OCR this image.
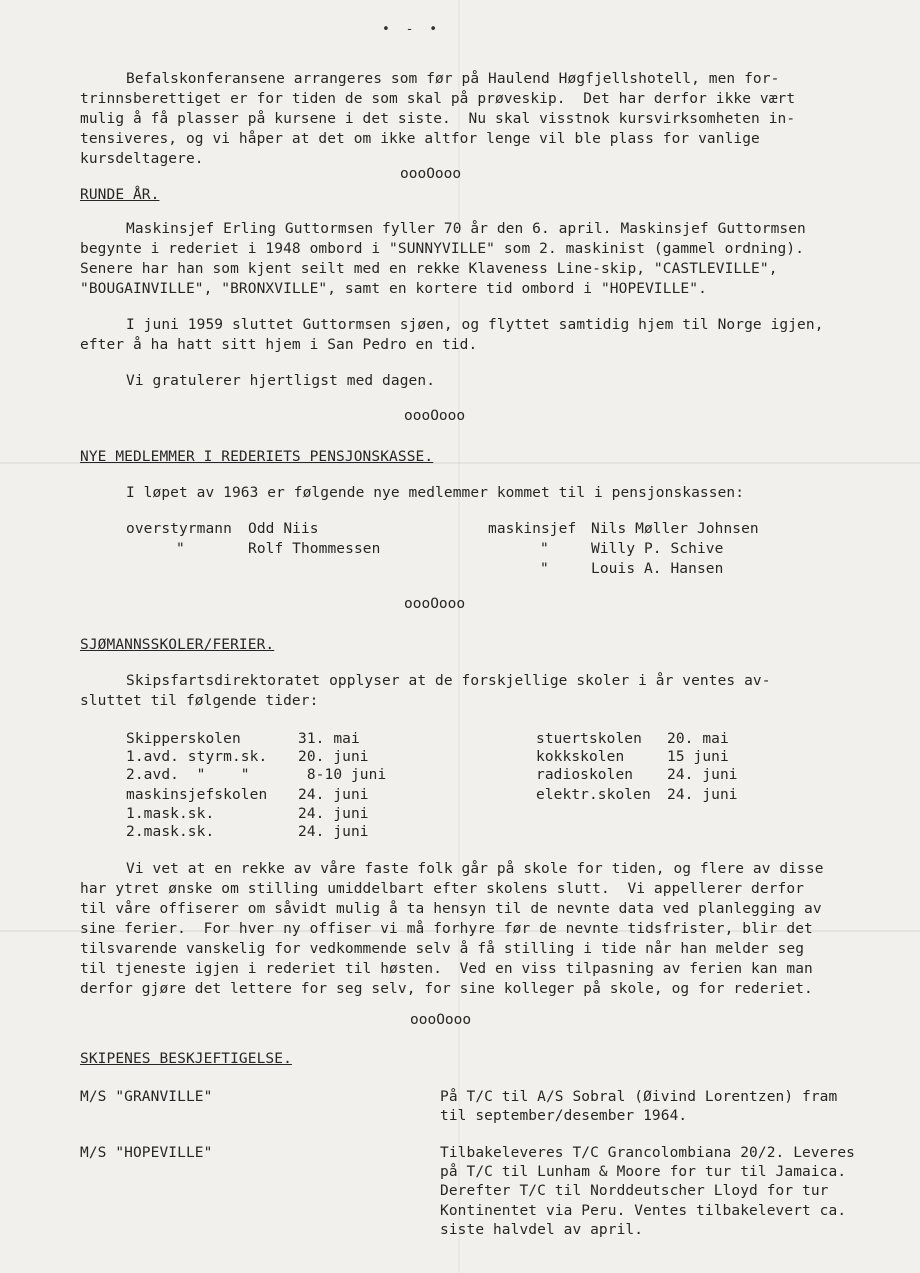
• - •
Befalskonferansene arrangeres som før på Haulend Høgfjellshotell, men for-
trinnsberettiget er for tiden de som skal på prøveskip.  Det har derfor ikke vært
mulig å få plasser på kursene i det siste.  Nu skal visstnok kursvirksomheten in-
tensiveres, og vi håper at det om ikke altfor lenge vil ble plass for vanlige
kursdeltagere.
oooOooo
RUNDE ÅR.
Maskinsjef Erling Guttormsen fyller 70 år den 6. april. Maskinsjef Guttormsen
begynte i rederiet i 1948 ombord i "SUNNYVILLE" som 2. maskinist (gammel ordning).
Senere har han som kjent seilt med en rekke Klaveness Line-skip, "CASTLEVILLE",
"BOUGAINVILLE", "BRONXVILLE", samt en kortere tid ombord i "HOPEVILLE".
I juni 1959 sluttet Guttormsen sjøen, og flyttet samtidig hjem til Norge igjen,
efter å ha hatt sitt hjem i San Pedro en tid.
Vi gratulerer hjertligst med dagen.
oooOooo
NYE MEDLEMMER I REDERIETS PENSJONSKASSE.
I løpet av 1963 er følgende nye medlemmer kommet til i pensjonskassen:
overstyrmann Odd Niis
"	Rolf Thommessen
maskinsjef Nils Møller Johnsen
"	Willy P. Schive
"	Louis A. Hansen
oooOooo
SJØMANNSSKOLER/FERIER.
Skipsfartsdirektoratet opplyser at de forskjellige skoler i år ventes av-
sluttet til følgende tider:
Skipperskolen	31. mai
1.avd. styrm.sk. 20. juni
2.avd.  "    "	8-10 juni
maskinsjefskolen 24. juni
1.mask.sk.	24. juni
2.mask.sk.	24. juni
stuertskolen 20. mai
kokkskolen	15 juni
radioskolen 24. juni
elektr.skolen 24. juni
Vi vet at en rekke av våre faste folk går på skole for tiden, og flere av disse
har ytret ønske om stilling umiddelbart efter skolens slutt.  Vi appellerer derfor
til våre offiserer om såvidt mulig å ta hensyn til de nevnte data ved planlegging av
sine ferier.  For hver ny offiser vi må forhyre før de nevnte tidsfrister, blir det
tilsvarende vanskelig for vedkommende selv å få stilling i tide når han melder seg
til tjeneste igjen i rederiet til høsten.  Ved en viss tilpasning av ferien kan man
derfor gjøre det lettere for seg selv, for sine kolleger på skole, og for rederiet.
oooOooo
SKIPENES BESKJEFTIGELSE.
M/S "GRANVILLE"	På T/C til A/S Sobral (Øivind Lorentzen) fram
til september/desember 1964.
M/S "HOPEVILLE"	Tilbakeleveres T/C Grancolombiana 20/2. Leveres
på T/C til Lunham & Moore for tur til Jamaica.
Derefter T/C til Norddeutscher Lloyd for tur
Kontinentet via Peru. Ventes tilbakelevert ca.
siste halvdel av april.
